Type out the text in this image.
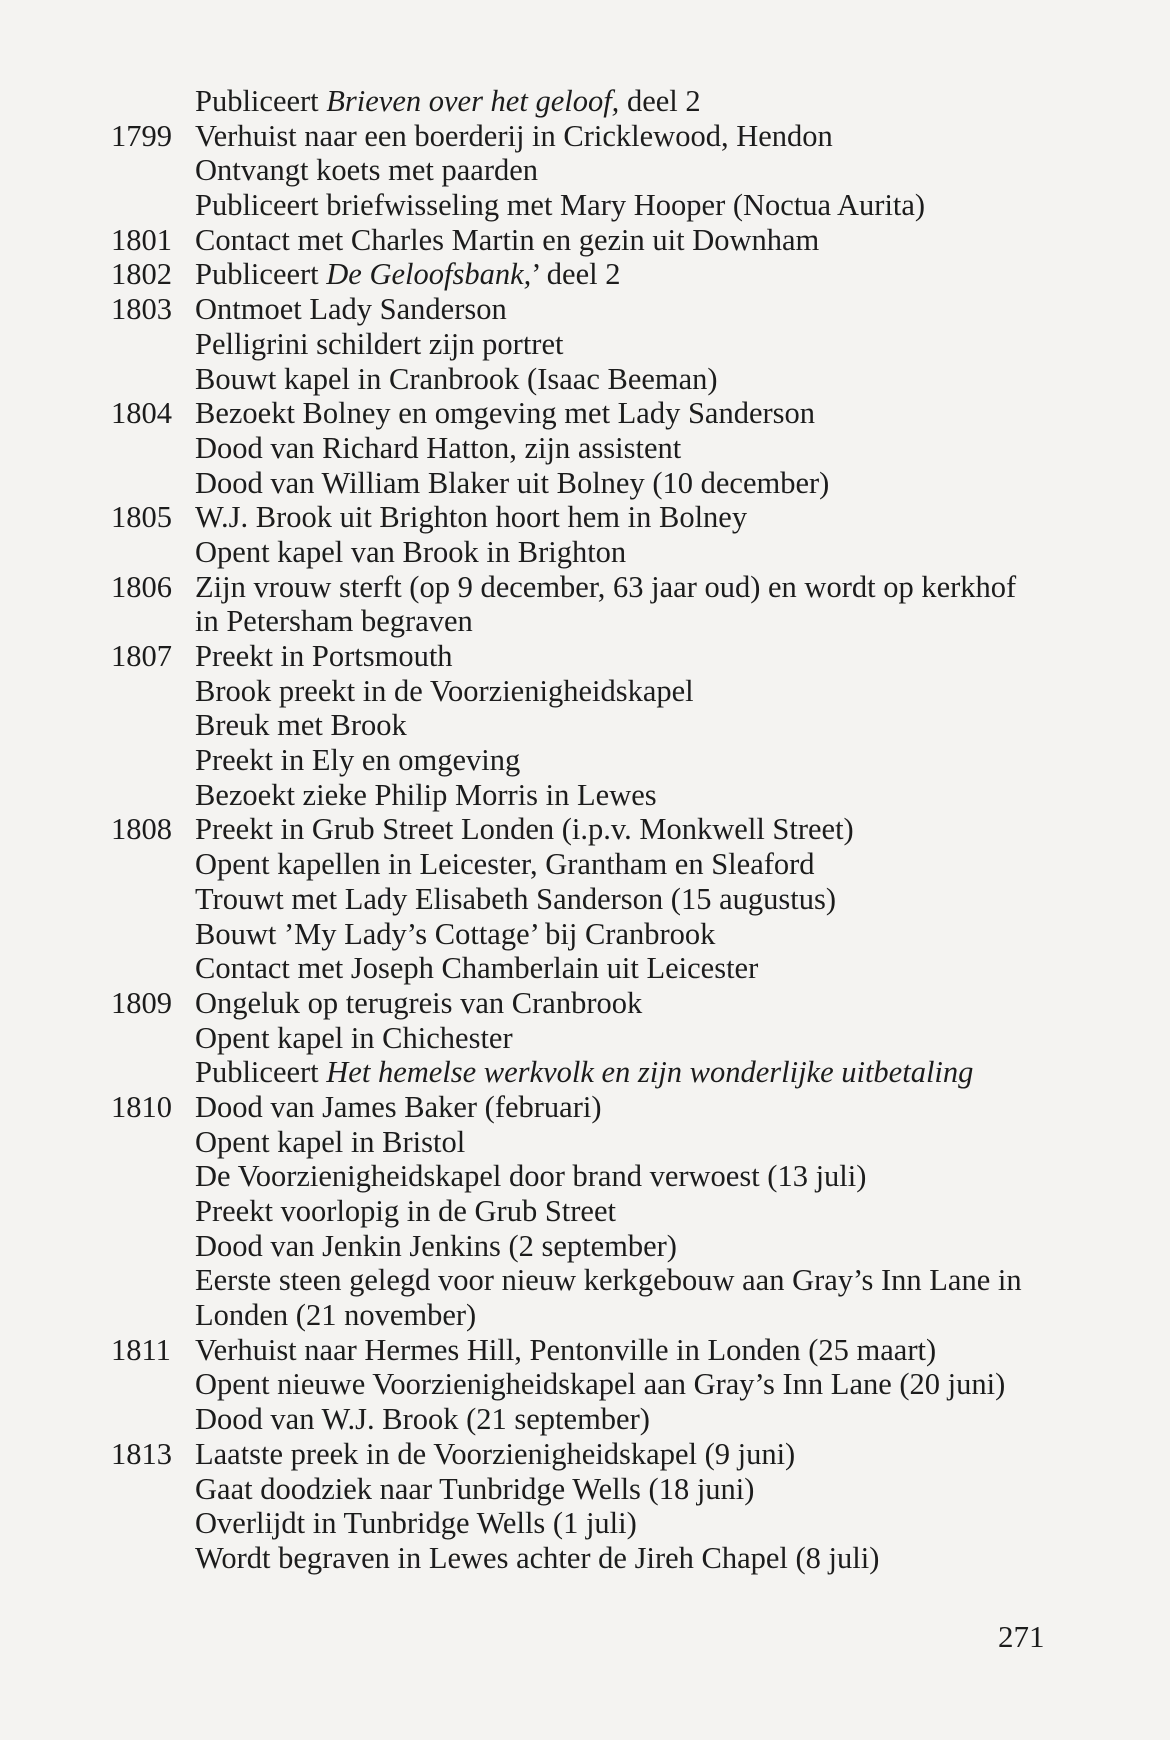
Publiceert Brieven over het geloof, deel 2
1799 Verhuist naar een boerderij in Cricklewood, Hendon
Ontvangt koets met paarden
Publiceert briefwisseling met Mary Hooper (Noctua Aurita)
1801 Contact met Charles Martin en gezin uit Downham
1802 Publiceert De Geloofsbank,’ deel 2
1803 Ontmoet Lady Sanderson
Pelligrini schildert zijn portret
Bouwt kapel in Cranbrook (Isaac Beeman)
1804 Bezoekt Bolney en omgeving met Lady Sanderson
Dood van Richard Hatton, zijn assistent
Dood van William Blaker uit Bolney (10 december)
1805 W.J. Brook uit Brighton hoort hem in Bolney
Opent kapel van Brook in Brighton
1806 Zijn vrouw sterft (op 9 december, 63 jaar oud) en wordt op kerkhof
in Petersham begraven
1807 Preekt in Portsmouth
Brook preekt in de Voorzienigheidskapel
Breuk met Brook
Preekt in Ely en omgeving
Bezoekt zieke Philip Morris in Lewes
1808 Preekt in Grub Street Londen (i.p.v. Monkwell Street)
Opent kapellen in Leicester, Grantham en Sleaford
Trouwt met Lady Elisabeth Sanderson (15 augustus)
Bouwt ’My Lady’s Cottage’ bij Cranbrook
Contact met Joseph Chamberlain uit Leicester
1809 Ongeluk op terugreis van Cranbrook
Opent kapel in Chichester
Publiceert Het hemelse werkvolk en zijn wonderlijke uitbetaling
1810 Dood van James Baker (februari)
Opent kapel in Bristol
De Voorzienigheidskapel door brand verwoest (13 juli)
Preekt voorlopig in de Grub Street
Dood van Jenkin Jenkins (2 september)
Eerste steen gelegd voor nieuw kerkgebouw aan Gray’s Inn Lane in
Londen (21 november)
1811 Verhuist naar Hermes Hill, Pentonville in Londen (25 maart)
Opent nieuwe Voorzienigheidskapel aan Gray’s Inn Lane (20 juni)
Dood van W.J. Brook (21 september)
1813 Laatste preek in de Voorzienigheidskapel (9 juni)
Gaat doodziek naar Tunbridge Wells (18 juni)
Overlijdt in Tunbridge Wells (1 juli)
Wordt begraven in Lewes achter de Jireh Chapel (8 juli)
271
